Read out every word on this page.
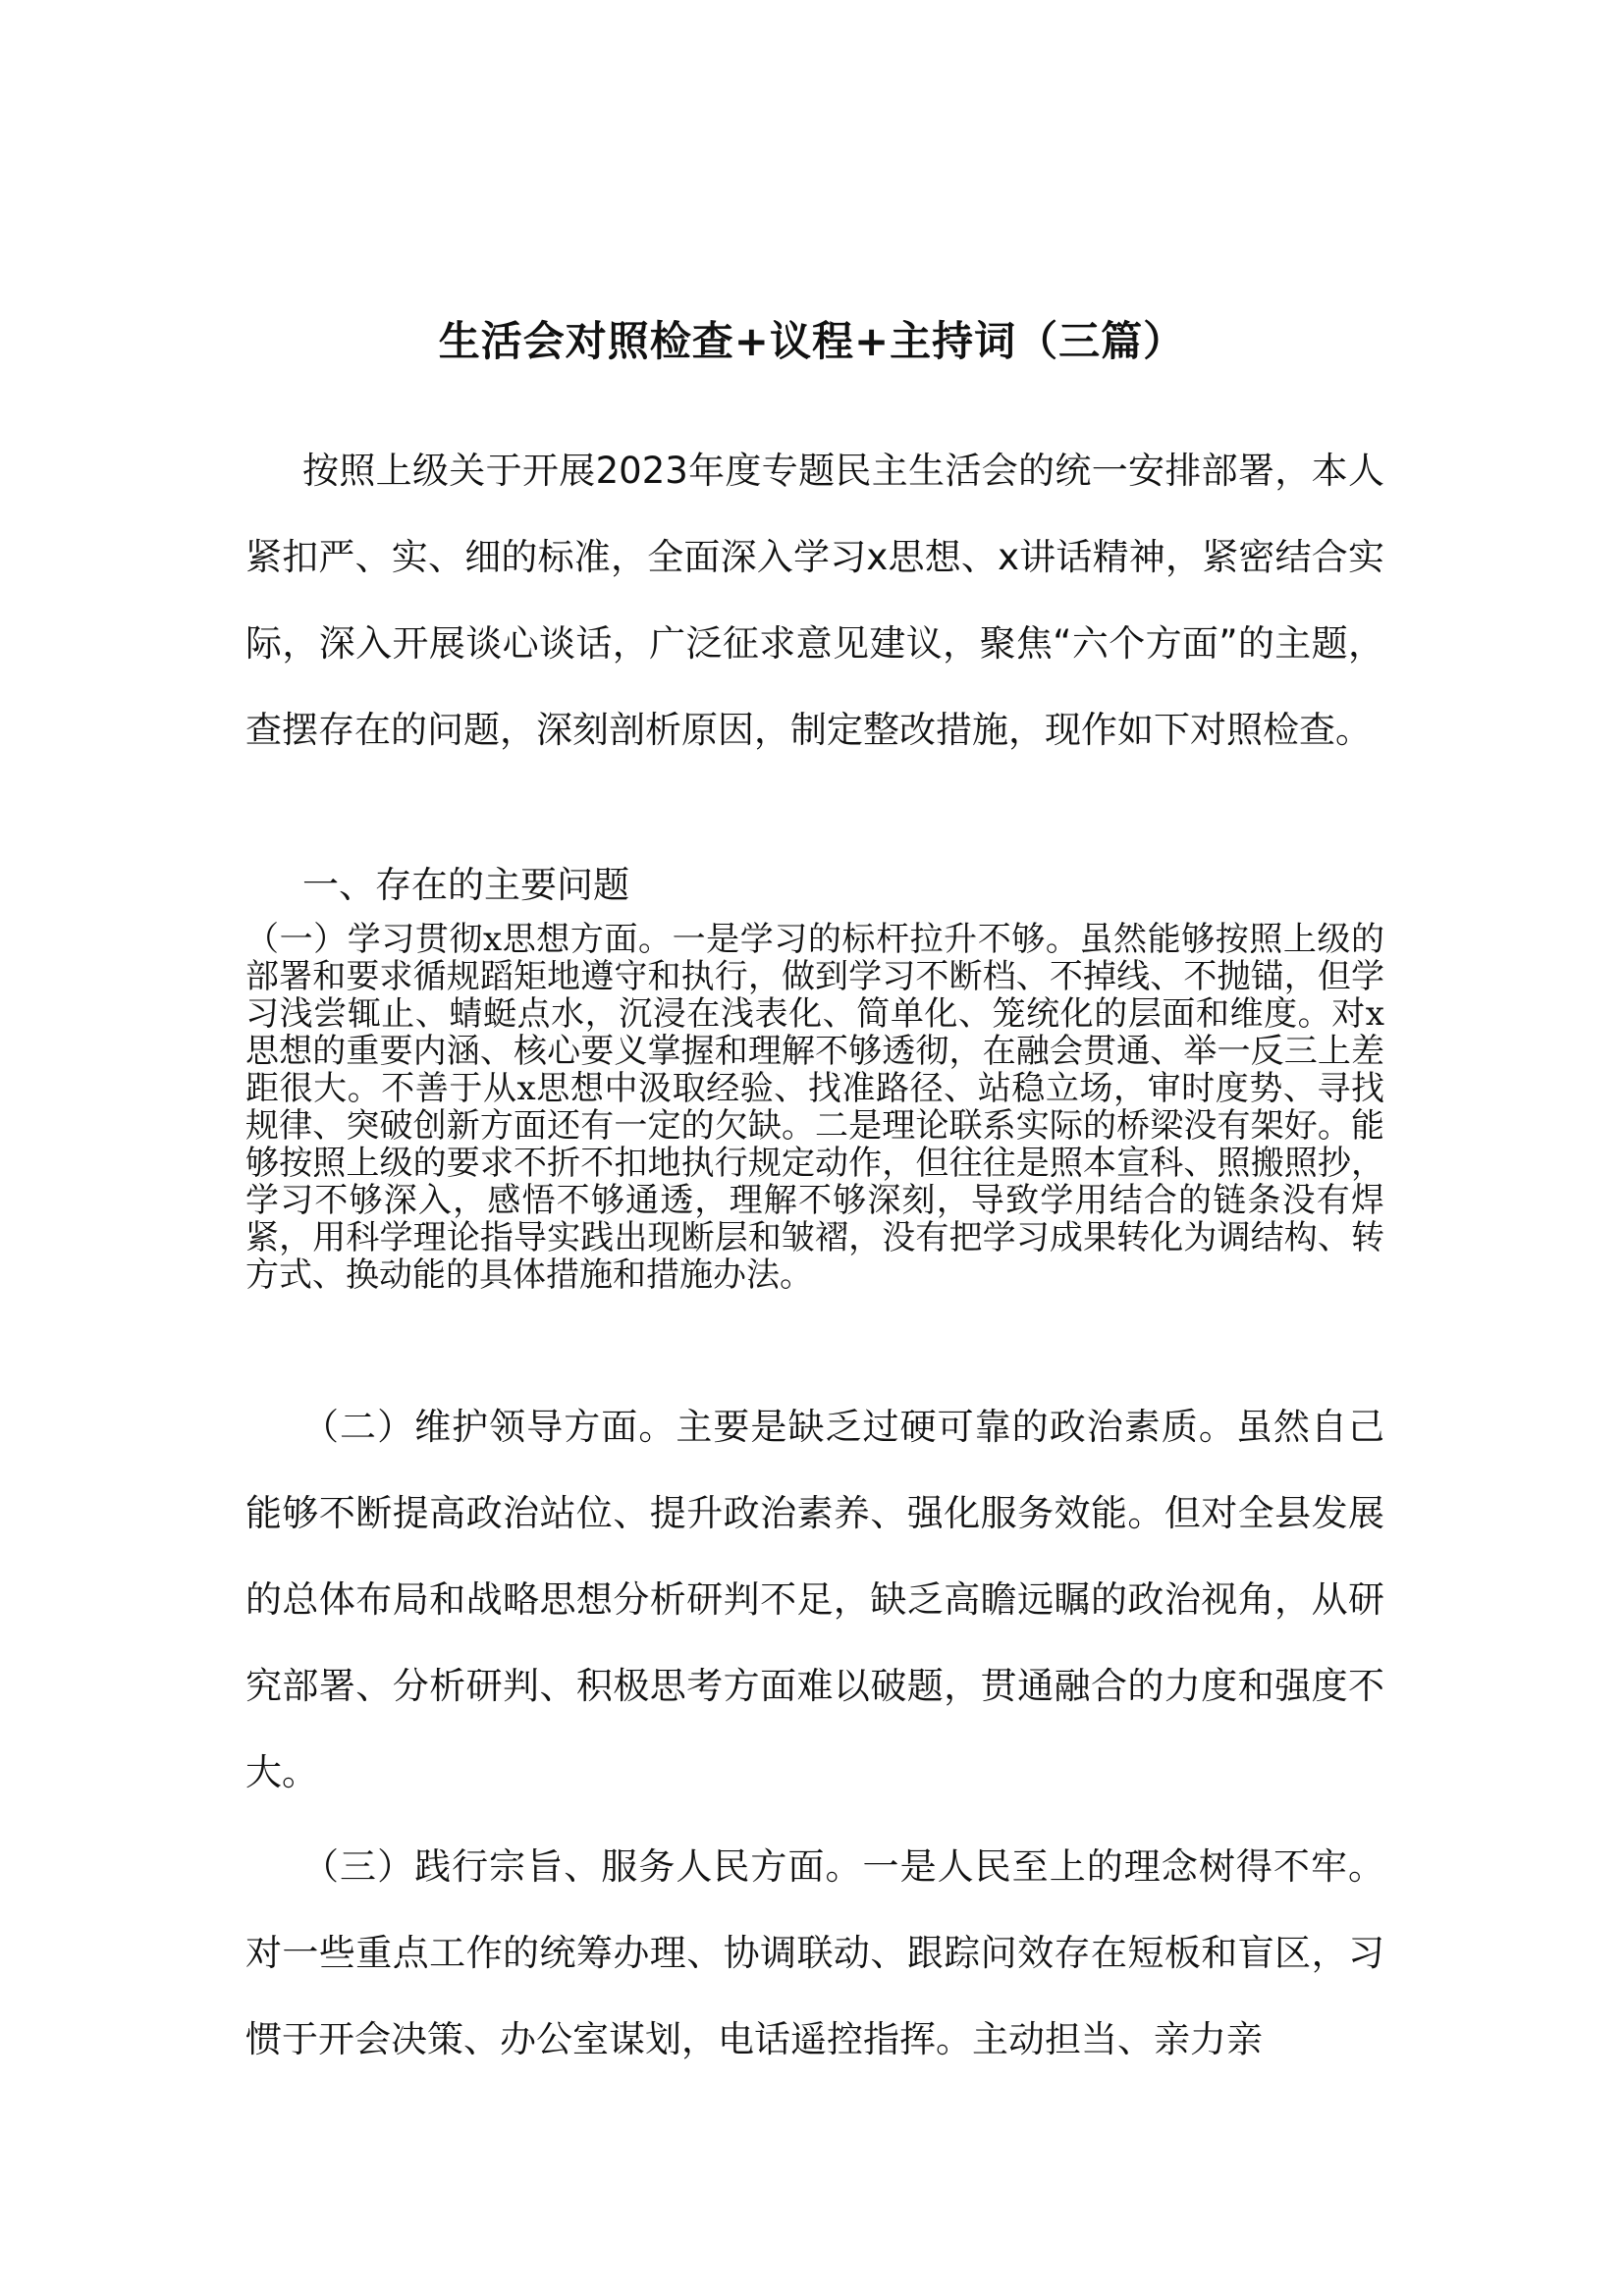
生活会对照检查+议程+主持词（三篇）
按照上级关于开展2023年度专题民主生活会的统一安排部署，本人紧扣严、实、细的标准，全面深入学习x思想、x讲话精神，紧密结合实际，深入开展谈心谈话，广泛征求意见建议，聚焦“六个方面”的主题，查摆存在的问题，深刻剖析原因，制定整改措施，现作如下对照检查。
一、存在的主要问题
（一）学习贯彻x思想方面。一是学习的标杆拉升不够。虽然能够按照上级的部署和要求循规蹈矩地遵守和执行，做到学习不断档、不掉线、不抛锚，但学习浅尝辄止、蜻蜓点水，沉浸在浅表化、简单化、笼统化的层面和维度。对x思想的重要内涵、核心要义掌握和理解不够透彻，在融会贯通、举一反三上差距很大。不善于从x思想中汲取经验、找准路径、站稳立场，审时度势、寻找规律、突破创新方面还有一定的欠缺。二是理论联系实际的桥梁没有架好。能够按照上级的要求不折不扣地执行规定动作，但往往是照本宣科、照搬照抄，学习不够深入，感悟不够通透，理解不够深刻，导致学用结合的链条没有焊紧，用科学理论指导实践出现断层和皱褶，没有把学习成果转化为调结构、转方式、换动能的具体措施和措施办法。
（二）维护领导方面。主要是缺乏过硬可靠的政治素质。虽然自己能够不断提高政治站位、提升政治素养、强化服务效能。但对全县发展的总体布局和战略思想分析研判不足，缺乏高瞻远瞩的政治视角，从研究部署、分析研判、积极思考方面难以破题，贯通融合的力度和强度不大。
（三）践行宗旨、服务人民方面。一是人民至上的理念树得不牢。对一些重点工作的统筹办理、协调联动、跟踪问效存在短板和盲区，习惯于开会决策、办公室谋划，电话遥控指挥。主动担当、亲力亲
